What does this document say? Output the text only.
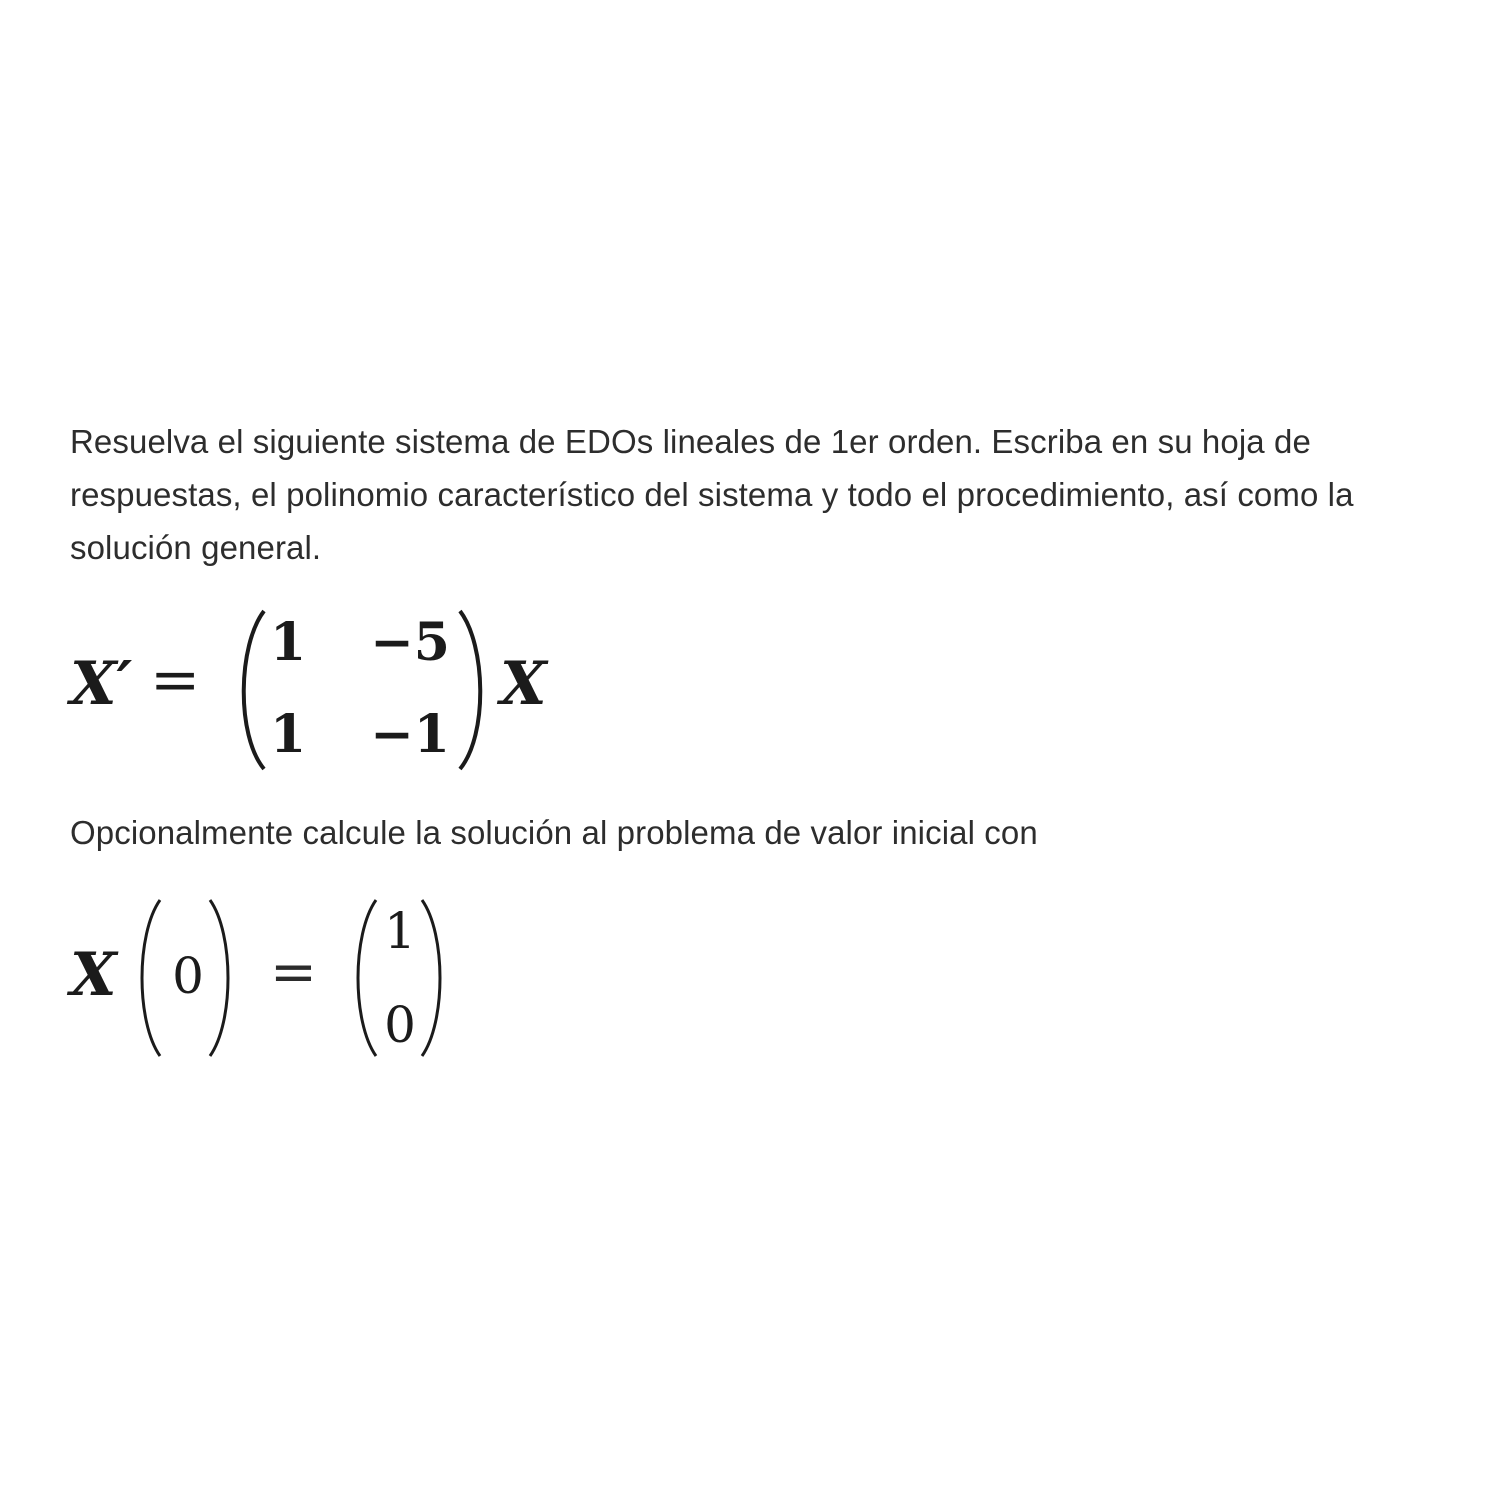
Resuelva el siguiente sistema de EDOs lineales de 1er orden. Escriba en su hoja de respuestas, el polinomio característico del sistema y todo el procedimiento, así como la solución general.
X′ =
1 −5
1 −1
X
Opcionalmente calcule la solución al problema de valor inicial con
X 0 =
1
0
